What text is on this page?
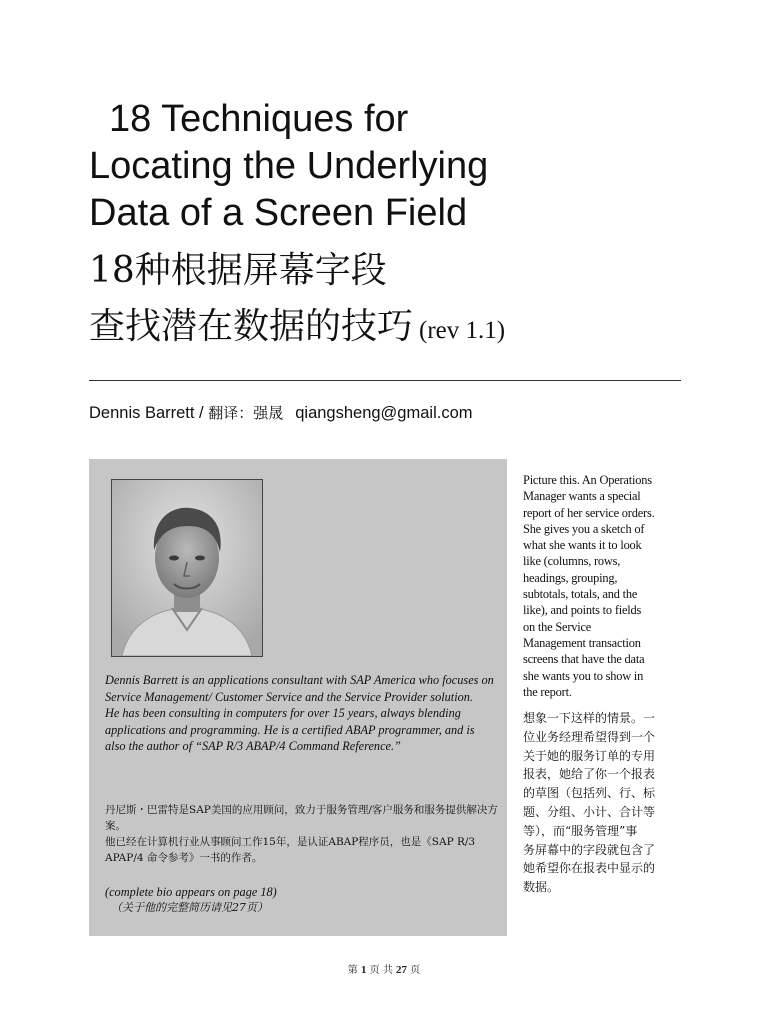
18 Techniques for
Locating the Underlying
Data of a Screen Field
18种根据屏幕字段
查找潜在数据的技巧 (rev 1.1)
Dennis Barrett / 翻译：强晟 qiangsheng@gmail.com

Dennis Barrett is an applications consultant with SAP America who focuses on Service Management/ Customer Service and the Service Provider solution.

He has been consulting in computers for over 15 years, always blending applications and programming. He is a certified ABAP programmer, and is also the author of “SAP R/3 ABAP/4 Command Reference.”

丹尼斯・巴雷特是SAP美国的应用顾问，致力于服务管理/客户服务和服务提供解决方案。

他已经在计算机行业从事顾问工作15年，是认证ABAP程序员，也是《SAP R/3 APAP/4 命令参考》一书的作者。

(complete bio appears on page 18)
（关于他的完整简历请见27页）
Picture this. An Operations
Manager wants a special
report of her service orders.
She gives you a sketch of
what she wants it to look
like (columns, rows,
headings, grouping,
subtotals, totals, and the
like), and points to fields
on the Service
Management transaction
screens that have the data
she wants you to show in
the report.
想象一下这样的情景。一
位业务经理希望得到一个
关于她的服务订单的专用
报表，她给了你一个报表
的草图（包括列、行、标
题、分组、小计、合计等
等），而“服务管理”事
务屏幕中的字段就包含了
她希望你在报表中显示的
数据。
第 1 页 共 27 页
